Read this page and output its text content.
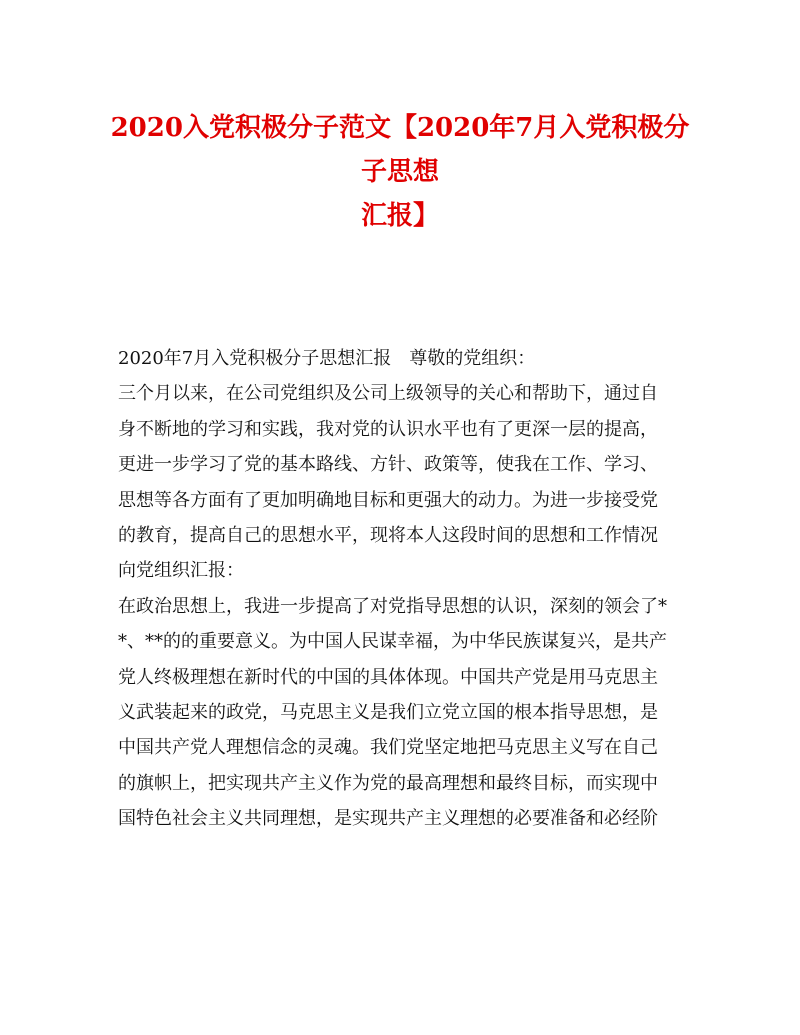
2020入党积极分子范文【2020年7月入党积极分子思想
汇报】
2020年7月入党积极分子思想汇报　尊敬的党组织：
三个月以来，在公司党组织及公司上级领导的关心和帮助下，通过自
身不断地的学习和实践，我对党的认识水平也有了更深一层的提高，
更进一步学习了党的基本路线、方针、政策等，使我在工作、学习、
思想等各方面有了更加明确地目标和更强大的动力。为进一步接受党
的教育，提高自己的思想水平，现将本人这段时间的思想和工作情况
向党组织汇报：
在政治思想上，我进一步提高了对党指导思想的认识，深刻的领会了*
*、**的的重要意义。为中国人民谋幸福，为中华民族谋复兴，是共产
党人终极理想在新时代的中国的具体体现。中国共产党是用马克思主
义武装起来的政党，马克思主义是我们立党立国的根本指导思想，是
中国共产党人理想信念的灵魂。我们党坚定地把马克思主义写在自己
的旗帜上，把实现共产主义作为党的最高理想和最终目标，而实现中
国特色社会主义共同理想，是实现共产主义理想的必要准备和必经阶
